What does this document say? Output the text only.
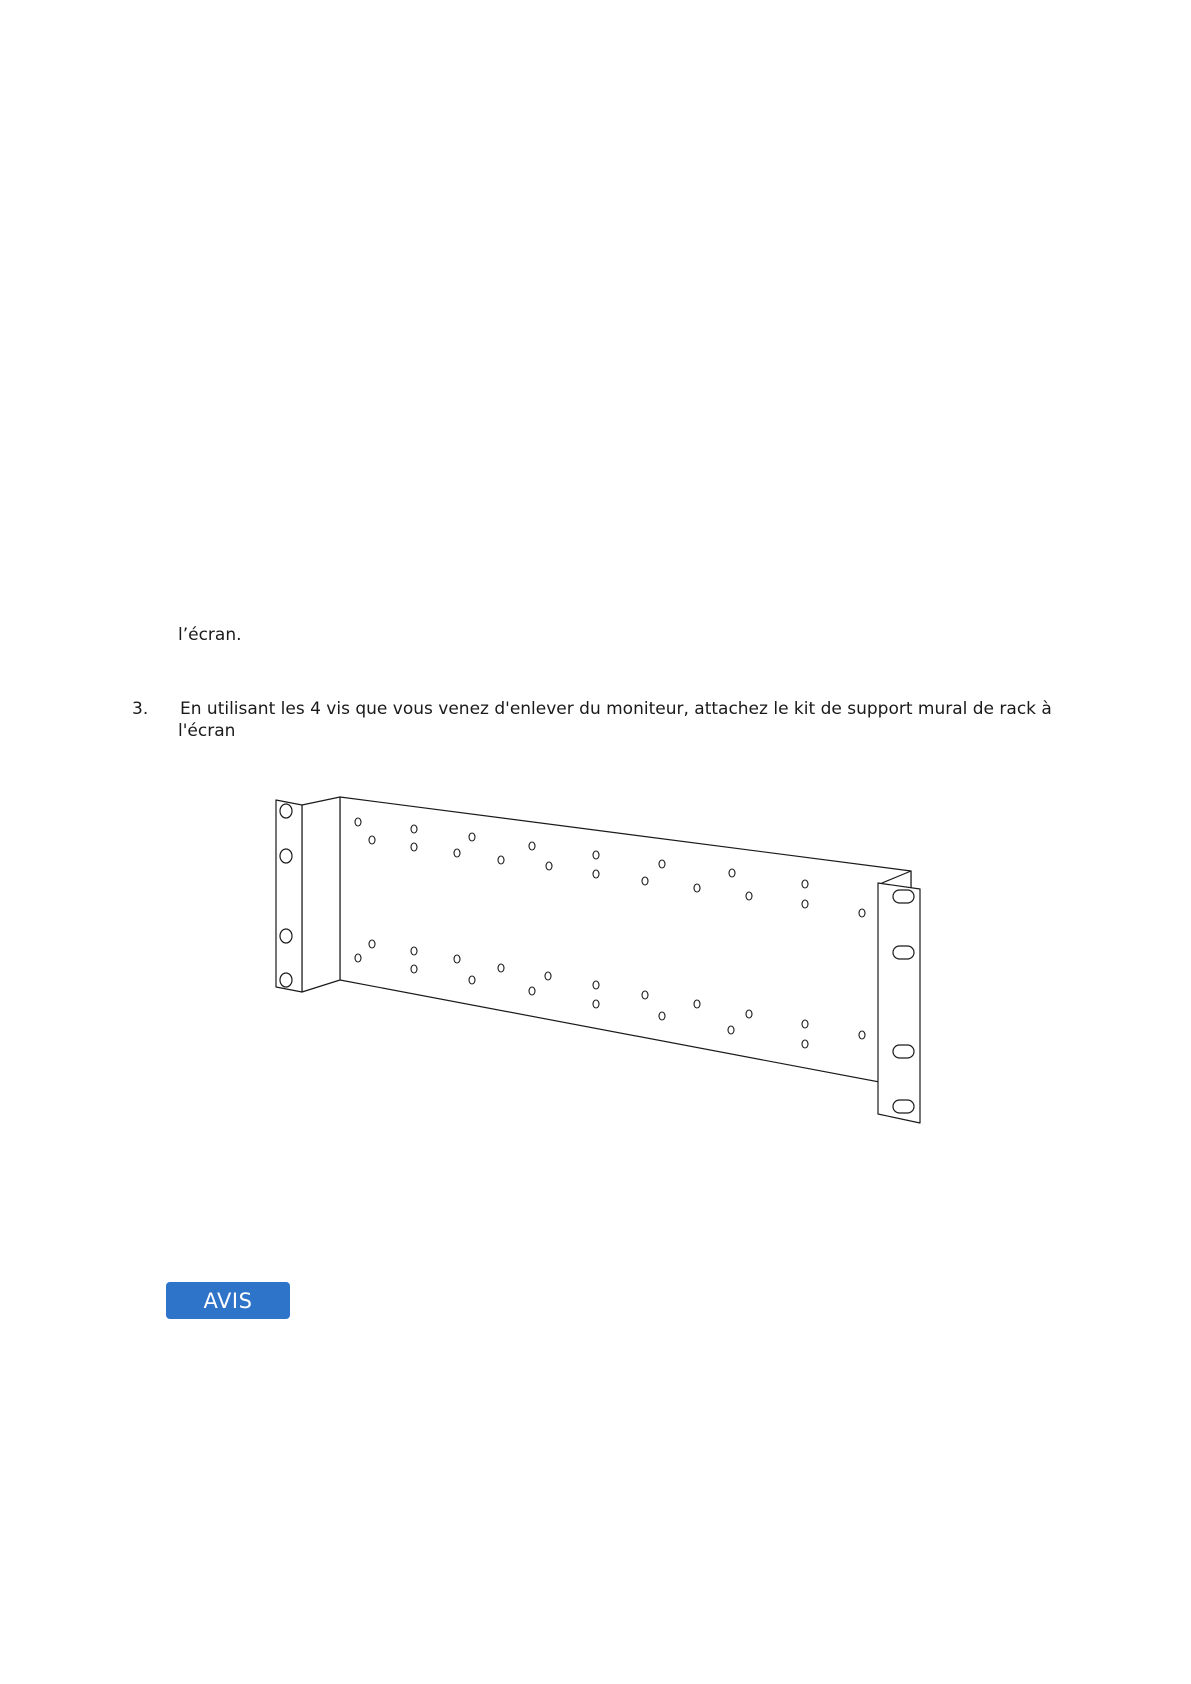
l’écran.
3. En utilisant les 4 vis que vous venez d'enlever du moniteur, attachez le kit de support mural de rack à
l'écran
AVIS
